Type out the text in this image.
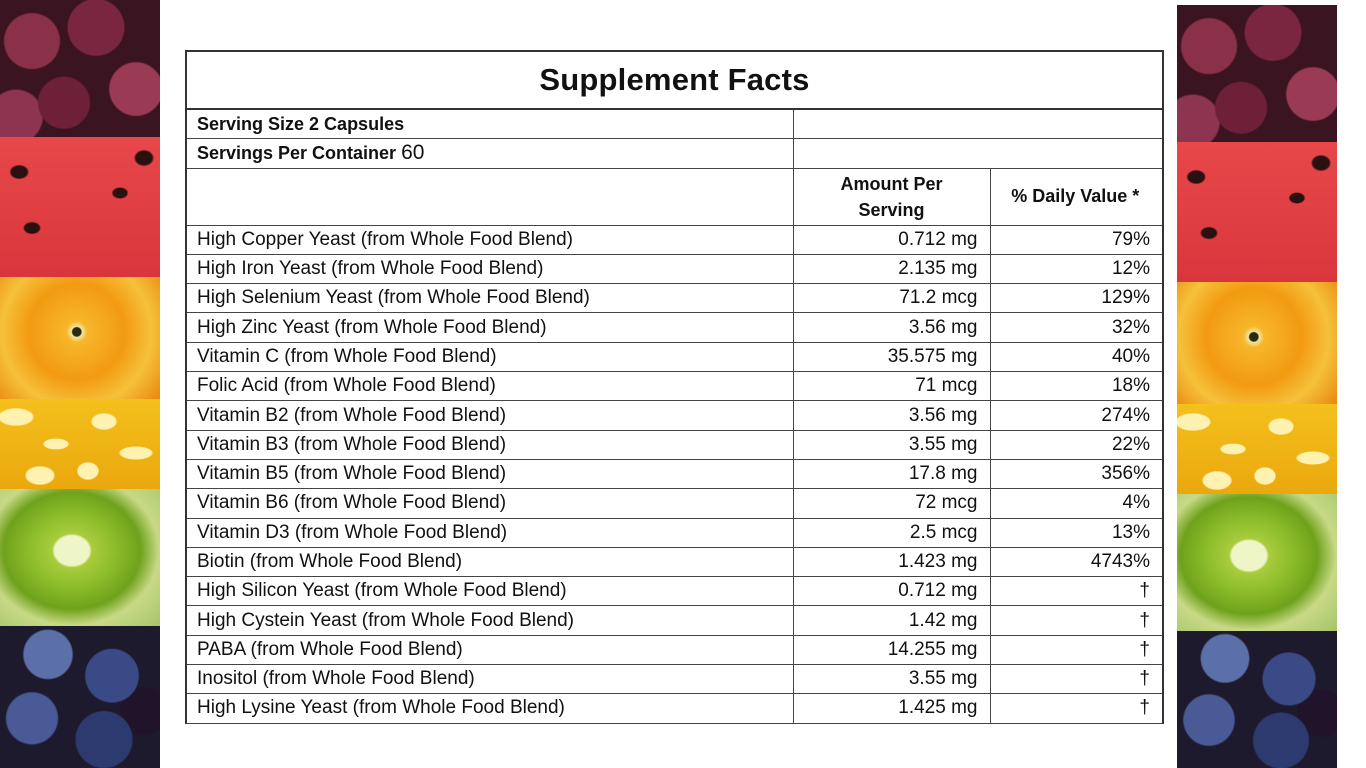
Supplement Facts
Serving Size 2 Capsules		
Servings Per Container 60		
	Amount Per Serving	% Daily Value *
High Copper Yeast (from Whole Food Blend)	0.712 mg	79%
High Iron Yeast (from Whole Food Blend)	2.135 mg	12%
High Selenium Yeast (from Whole Food Blend)	71.2 mcg	129%
High Zinc Yeast (from Whole Food Blend)	3.56 mg	32%
Vitamin C (from Whole Food Blend)	35.575 mg	40%
Folic Acid (from Whole Food Blend)	71 mcg	18%
Vitamin B2 (from Whole Food Blend)	3.56 mg	274%
Vitamin B3 (from Whole Food Blend)	3.55 mg	22%
Vitamin B5 (from Whole Food Blend)	17.8 mg	356%
Vitamin B6 (from Whole Food Blend)	72 mcg	4%
Vitamin D3 (from Whole Food Blend)	2.5 mcg	13%
Biotin (from Whole Food Blend)	1.423 mg	4743%
High Silicon Yeast (from Whole Food Blend)	0.712 mg	†
High Cystein Yeast (from Whole Food Blend)	1.42 mg	†
PABA (from Whole Food Blend)	14.255 mg	†
Inositol (from Whole Food Blend)	3.55 mg	†
High Lysine Yeast (from Whole Food Blend)	1.425 mg	†
